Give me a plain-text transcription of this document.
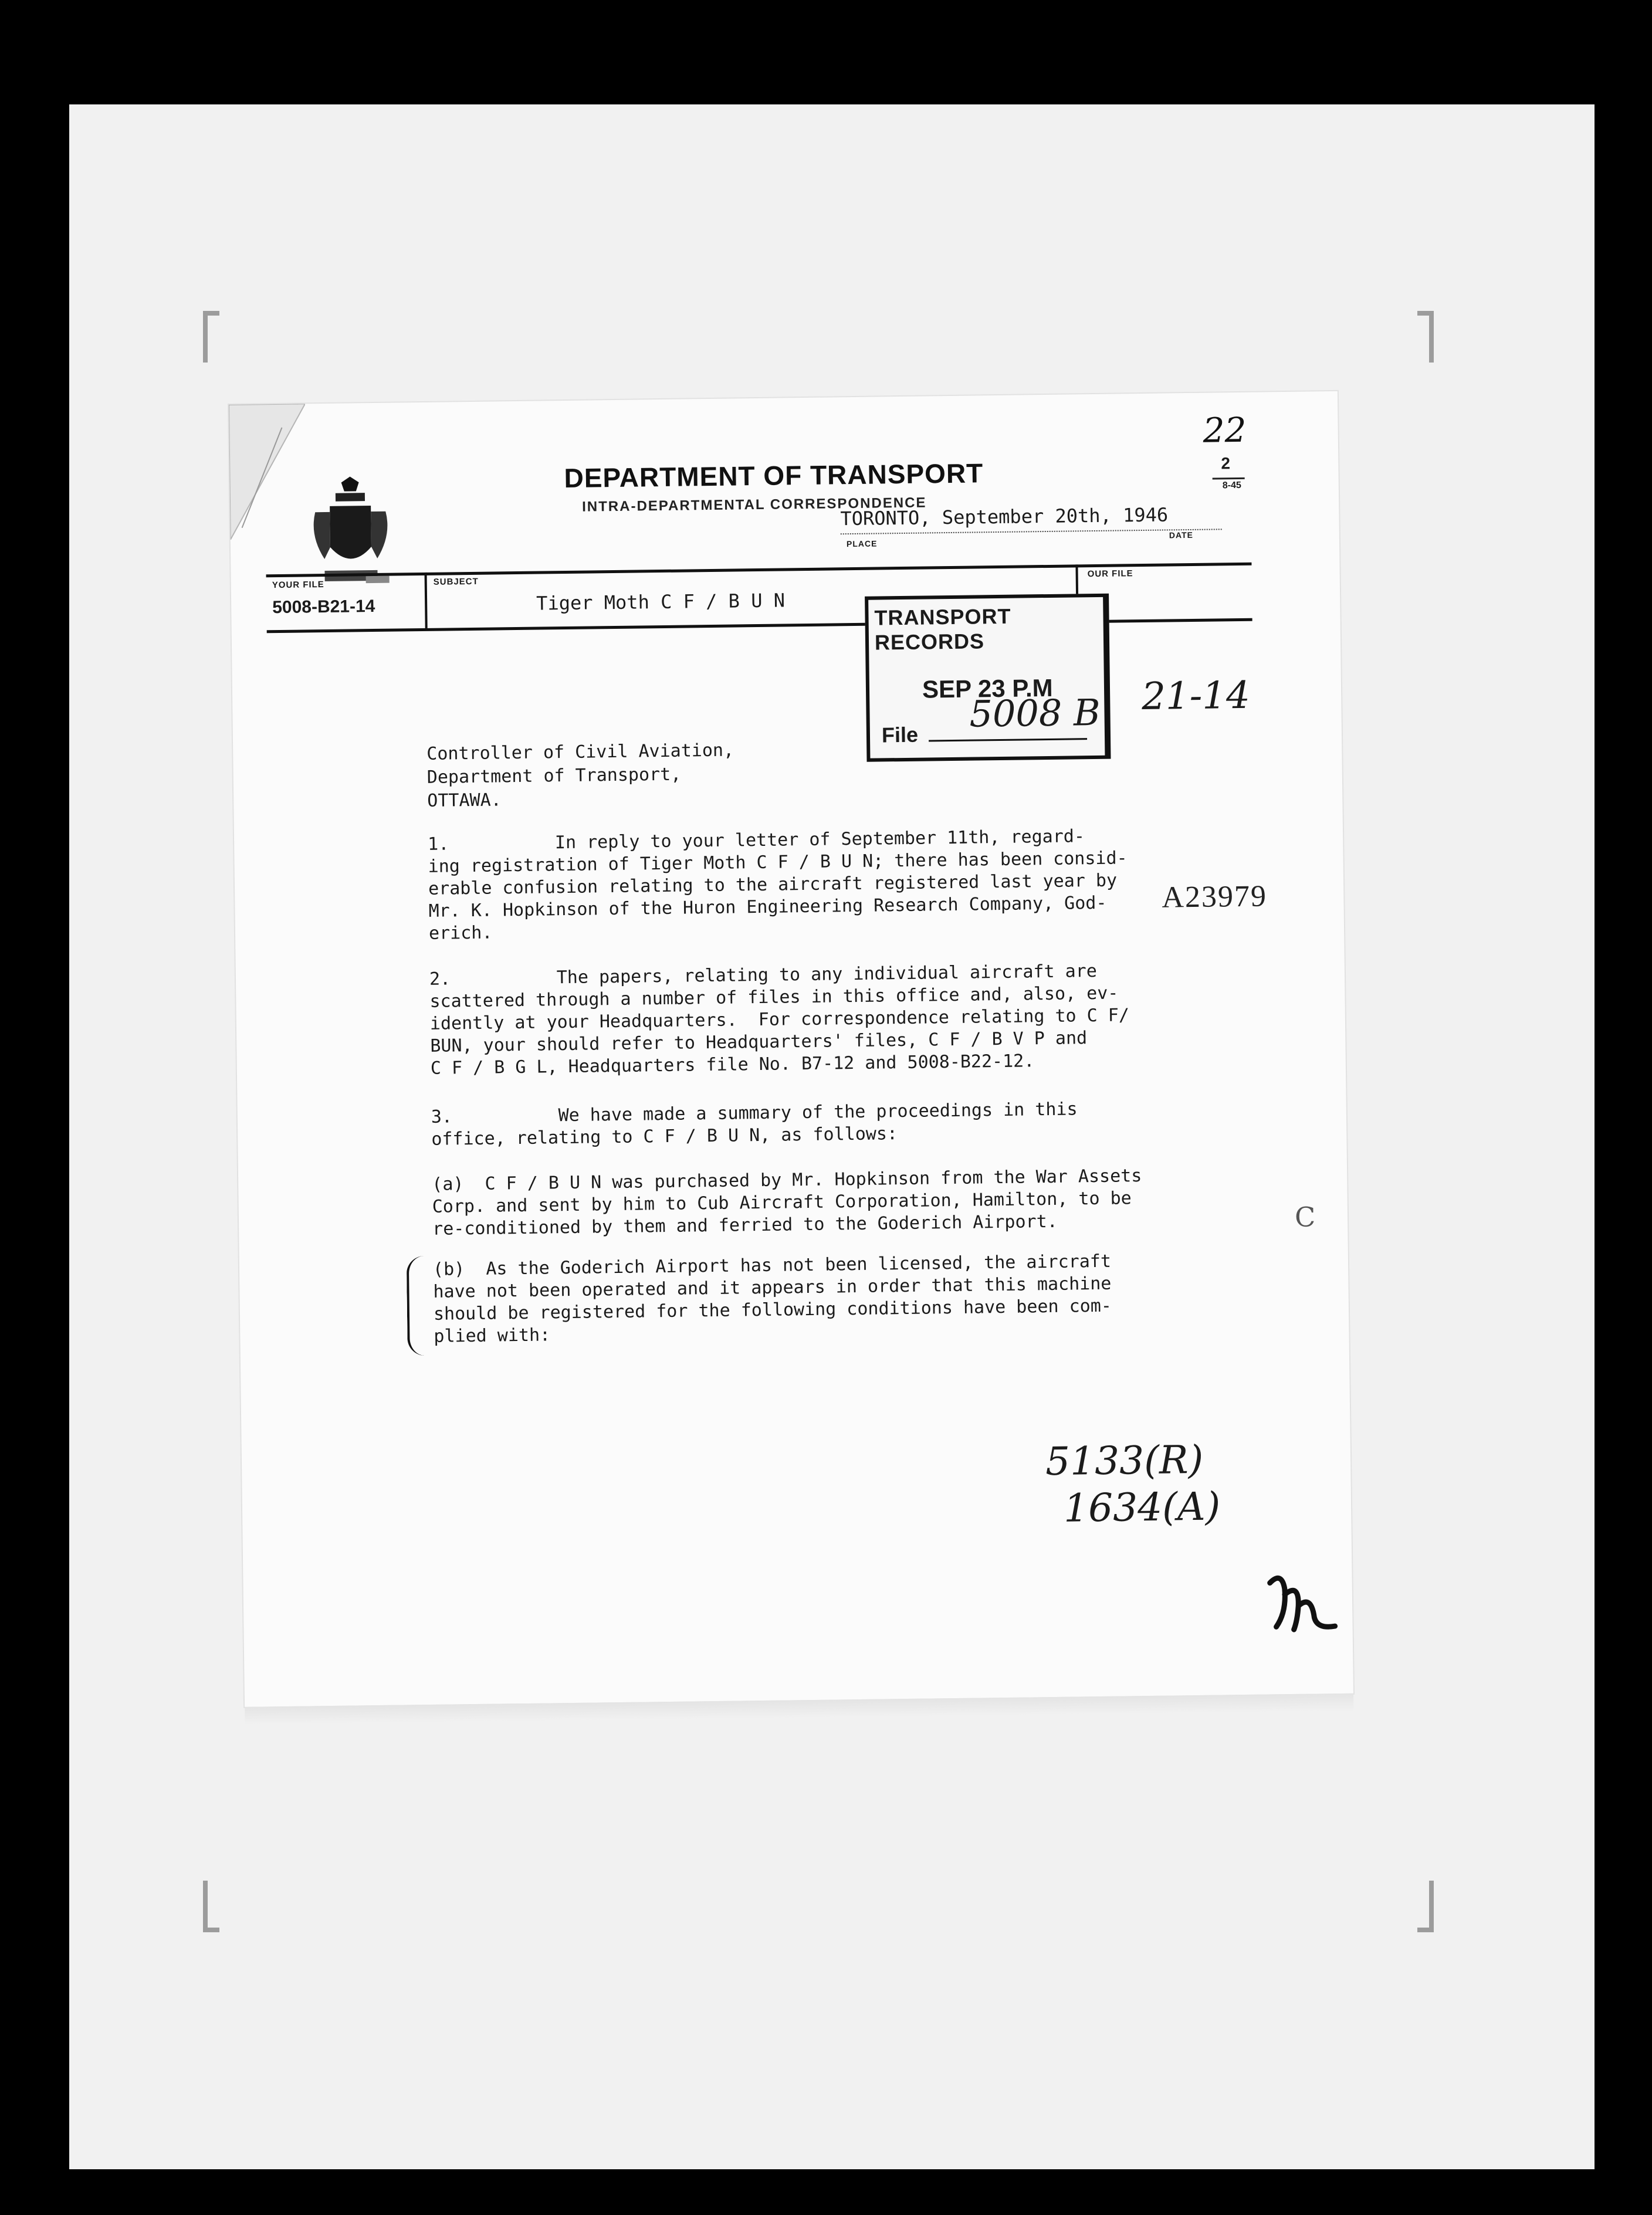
DEPARTMENT OF TRANSPORT
INTRA-DEPARTMENTAL CORRESPONDENCE
22
2
8-45
TORONTO, September 20th, 1946
PLACE
DATE
YOUR FILE
5008-B21-14
SUBJECT
Tiger Moth C F / B U N
OUR FILE
TRANSPORT RECORDS
SEP 23 P.M
5008 B
File
21-14
A23979
Controller of Civil Aviation,
Department of Transport,
OTTAWA.
1.          In reply to your letter of September 11th, regard-
ing registration of Tiger Moth C F / B U N; there has been consid-
erable confusion relating to the aircraft registered last year by
Mr. K. Hopkinson of the Huron Engineering Research Company, God-
erich.
2.          The papers, relating to any individual aircraft are
scattered through a number of files in this office and, also, ev-
idently at your Headquarters.  For correspondence relating to C F/
BUN, your should refer to Headquarters' files, C F / B V P and
C F / B G L, Headquarters file No. B7-12 and 5008-B22-12.
3.          We have made a summary of the proceedings in this
office, relating to C F / B U N, as follows:
(a)  C F / B U N was purchased by Mr. Hopkinson from the War Assets
Corp. and sent by him to Cub Aircraft Corporation, Hamilton, to be
re-conditioned by them and ferried to the Goderich Airport.
(b)  As the Goderich Airport has not been licensed, the aircraft
have not been operated and it appears in order that this machine
should be registered for the following conditions have been com-
plied with:
C
5133(R)
1634(A)
